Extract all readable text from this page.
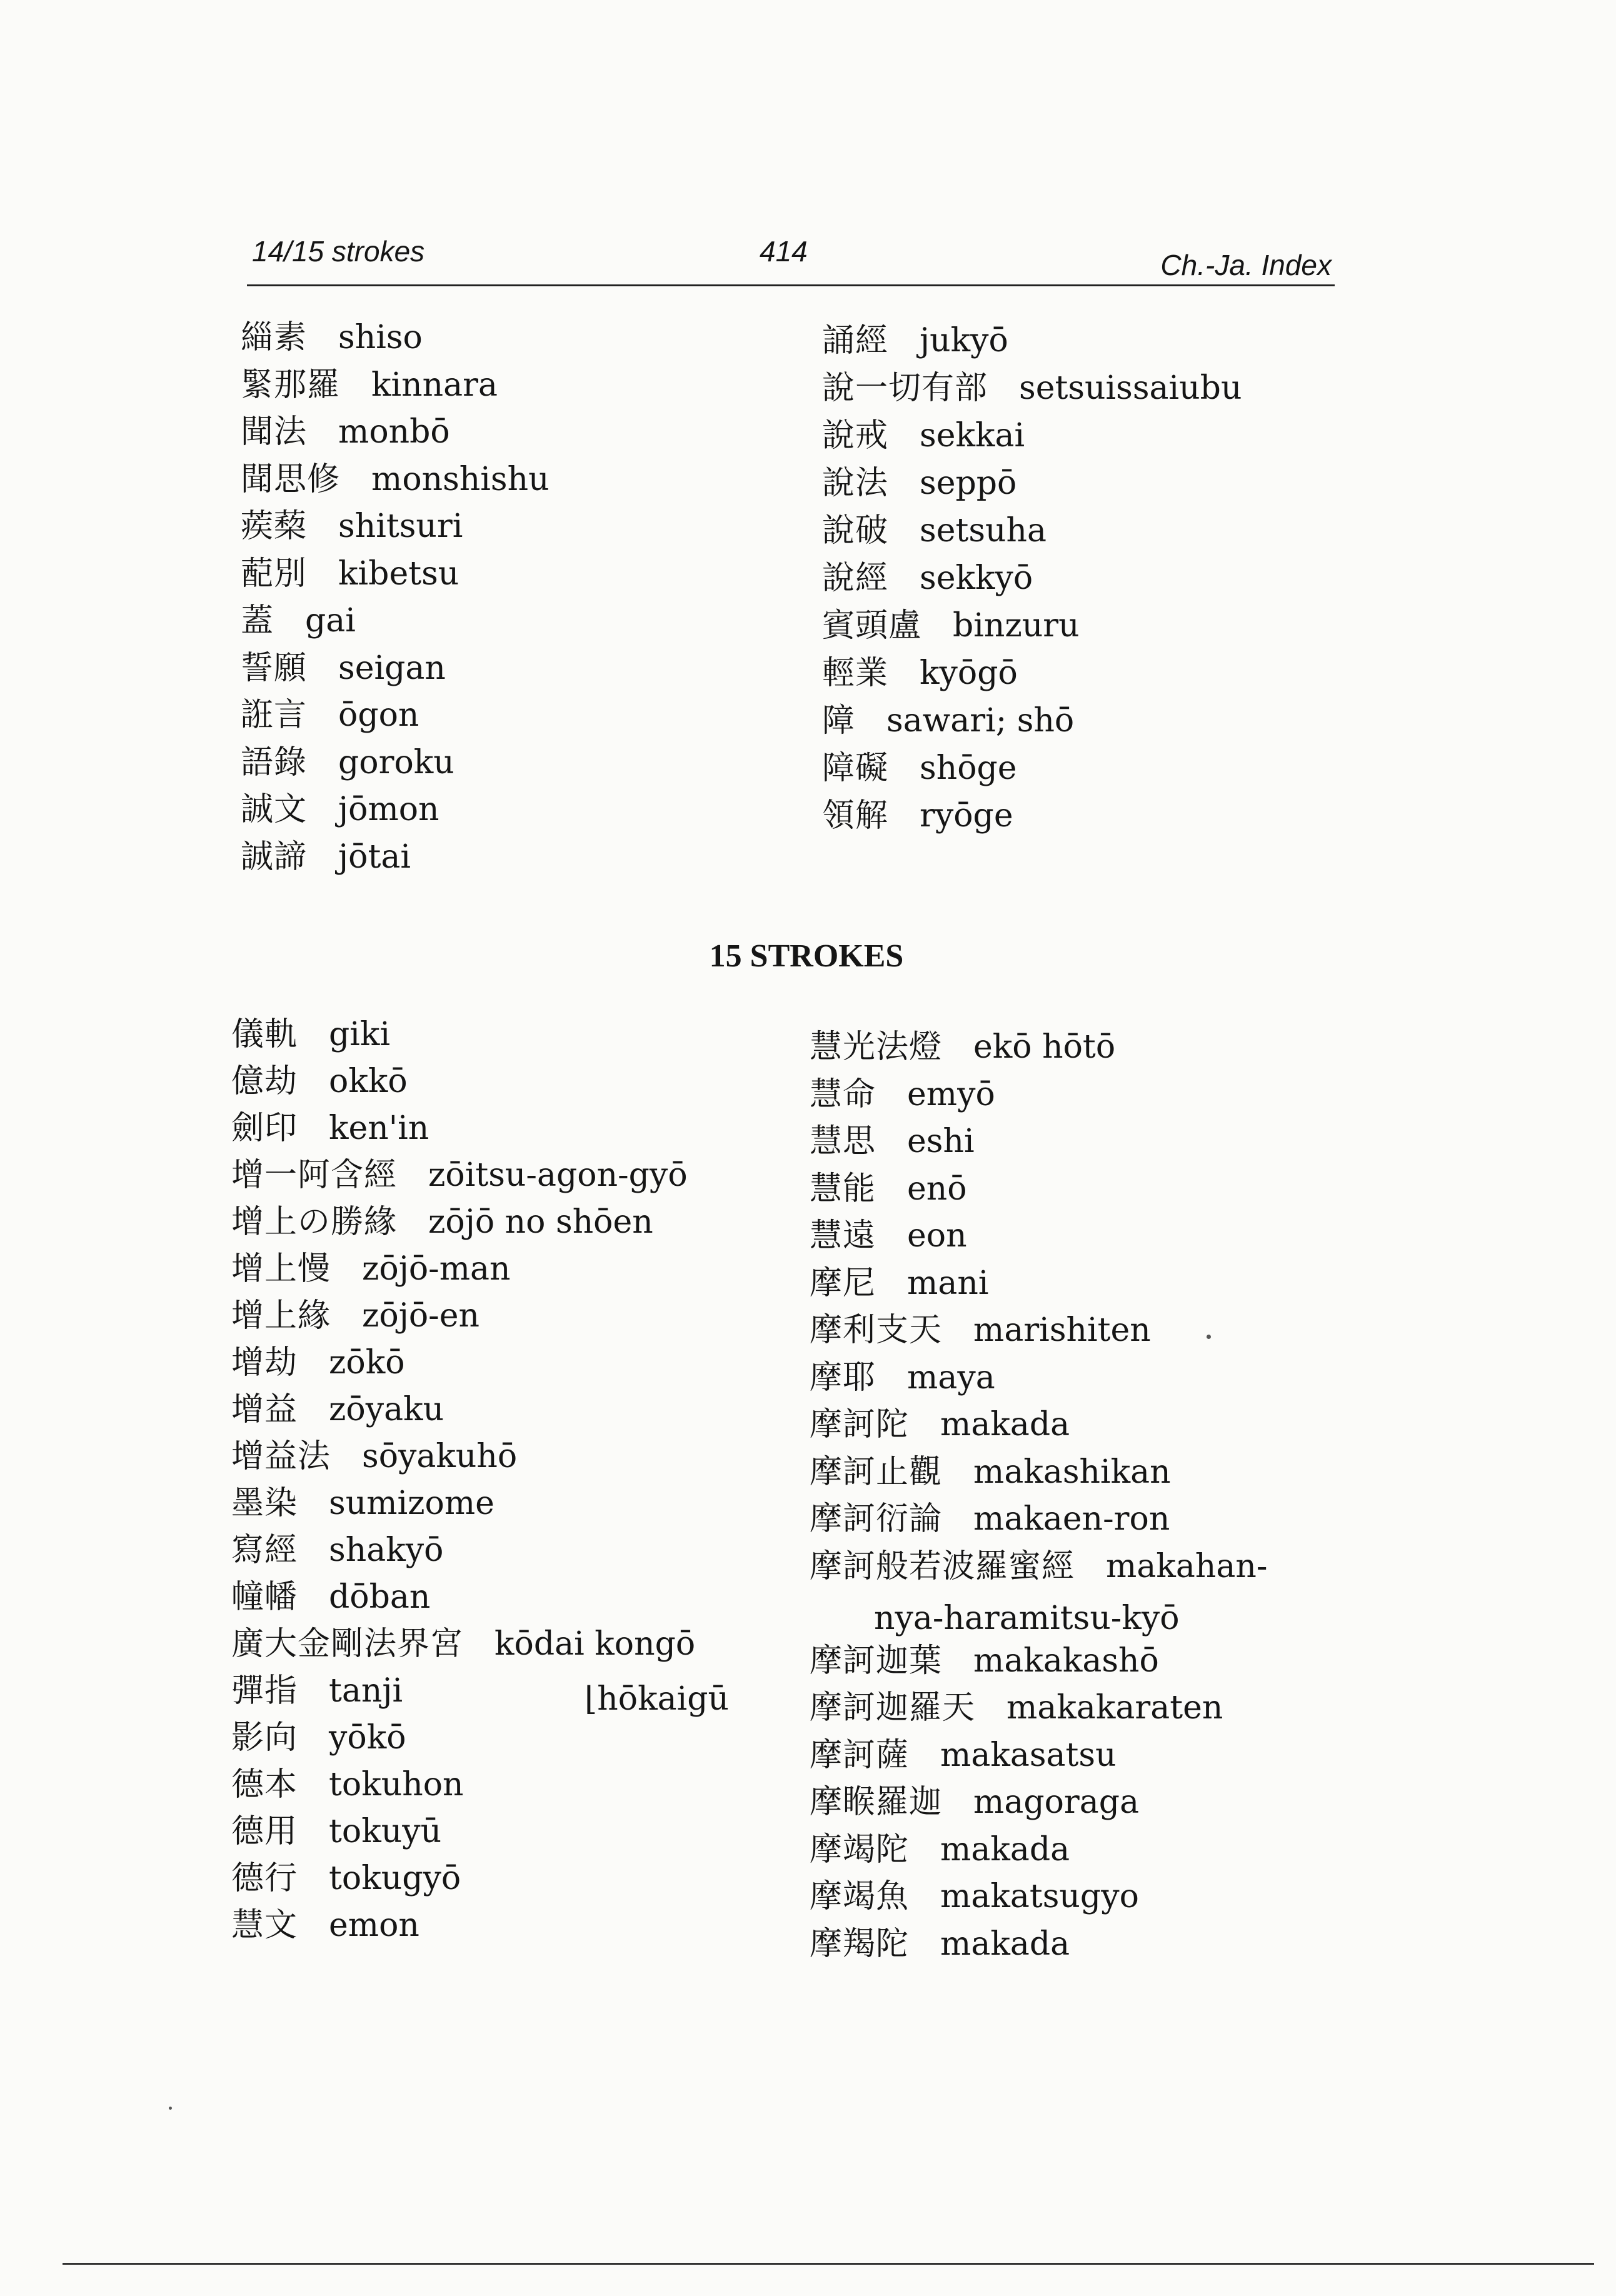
14/15 strokes	414	Ch.-Ja. Index
緇素 shiso
緊那羅 kinnara
聞法 monbō
聞思修 monshishu
蒺蔾 shitsuri
蓜別 kibetsu
蓋 gai
誓願 seigan
誑言 ōgon
語錄 goroku
誠文 jōmon
誠諦 jōtai
誦經 jukyō
說一切有部 setsuissaiubu
說戒 sekkai
說法 seppō
說破 setsuha
說經 sekkyō
賓頭盧 binzuru
輕業 kyōgō
障 sawari; shō
障礙 shōge
領解 ryōge
15 STROKES
儀軌 giki
億劫 okkō
劍印 ken'in
增一阿含經 zōitsu-agon-gyō
增上の勝緣 zōjō no shōen
增上慢 zōjō-man
增上緣 zōjō-en
增劫 zōkō
增益 zōyaku
增益法 sōyakuhō
墨染 sumizome
寫經 shakyō
幢幡 dōban
廣大金剛法界宮 kōdai kongō
彈指 tanji
影向 yōkō
德本 tokuhon
德用 tokuyū
德行 tokugyō
慧文 emon
慧光法燈 ekō hōtō
慧命 emyō
慧思 eshi
慧能 enō
慧遠 eon
摩尼 mani
摩利支天 marishiten
摩耶 maya
摩訶陀 makada
摩訶止觀 makashikan
摩訶衍論 makaen-ron
摩訶般若波羅蜜經 makahan-
摩訶迦葉 makakashō
摩訶迦羅天 makakaraten
摩訶薩 makasatsu
摩睺羅迦 magoraga
摩竭陀 makada
摩竭魚 makatsugyo
摩羯陀 makada
⌊hōkaigū
nya-haramitsu-kyō
